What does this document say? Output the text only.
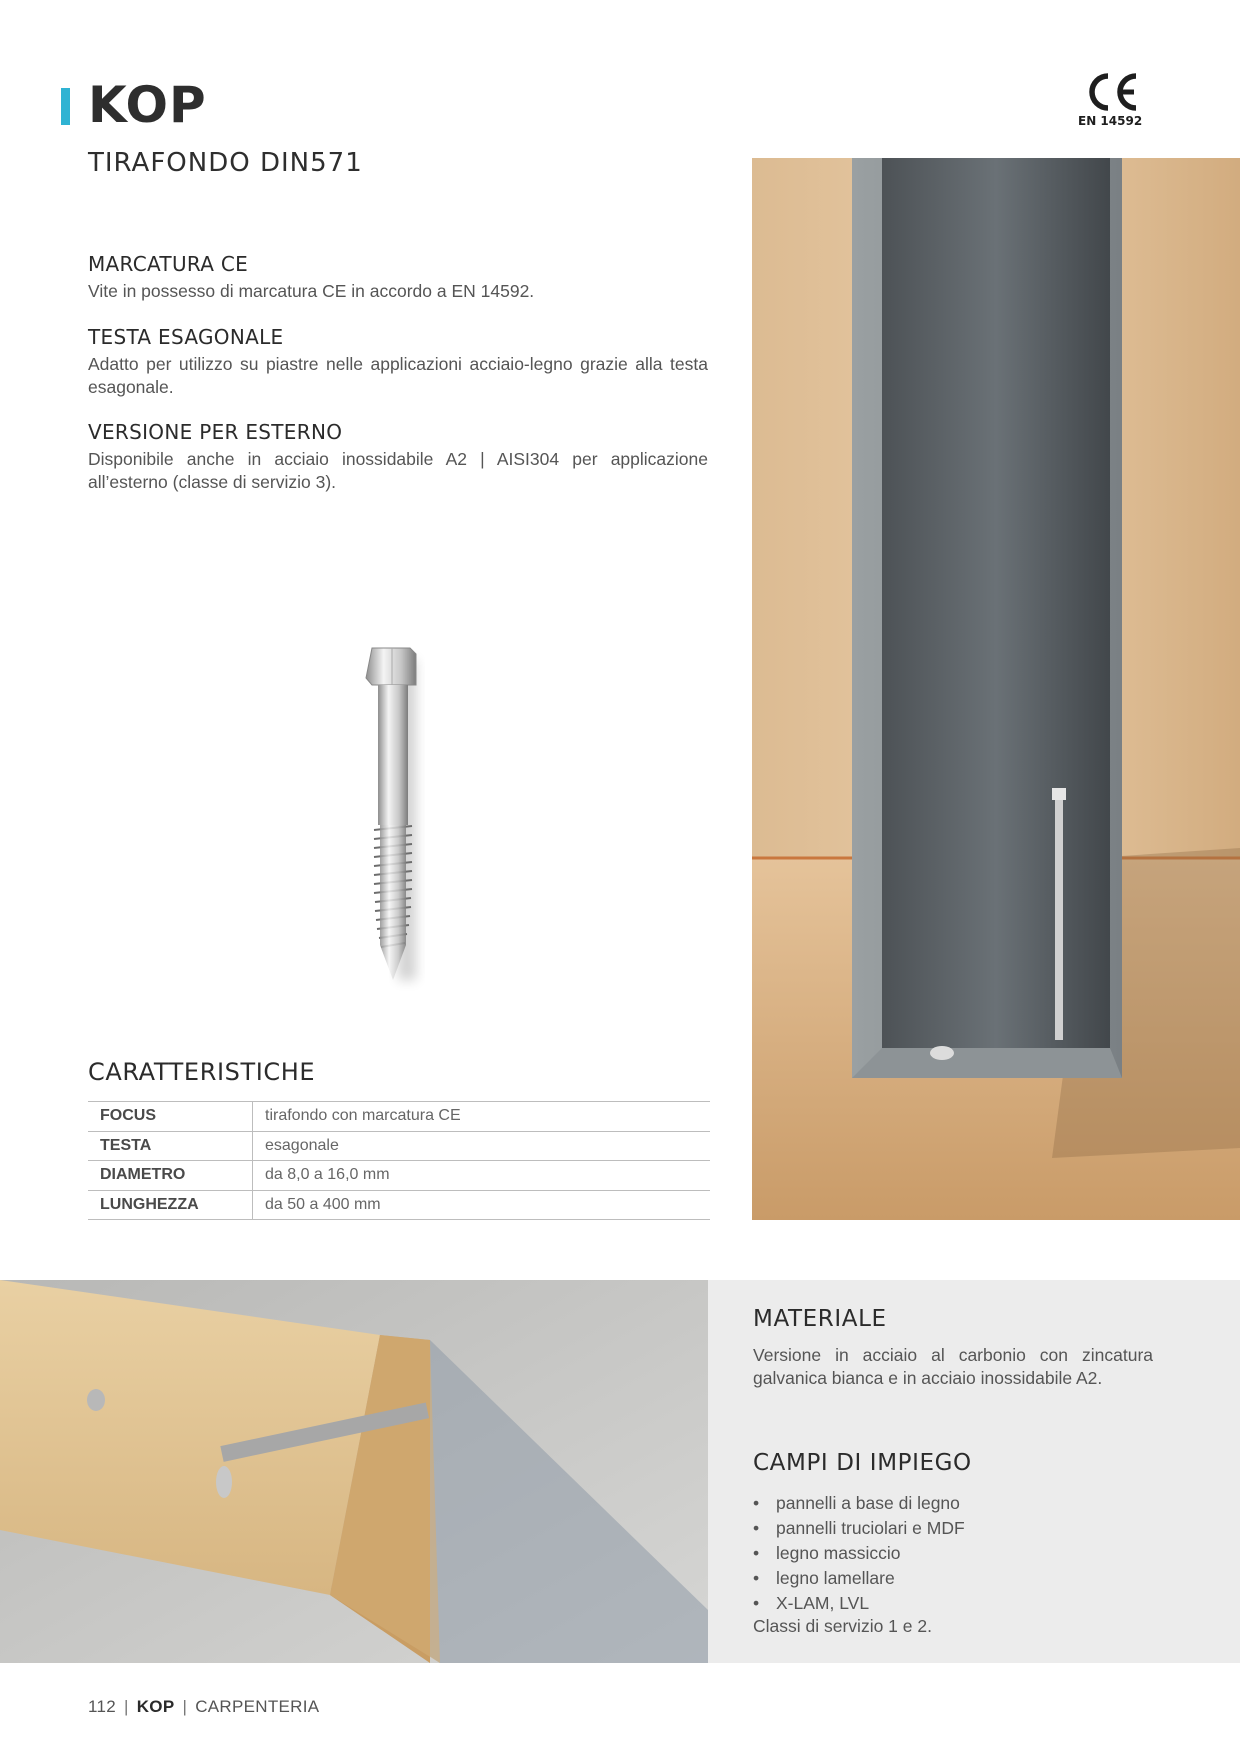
KOP
TIRAFONDO DIN571
EN 14592
MARCATURA CE

Vite in possesso di marcatura CE in accordo a EN 14592.

TESTA ESAGONALE

Adatto per utilizzo su piastre nelle applicazioni acciaio-legno grazie alla testa esagonale.

VERSIONE PER ESTERNO

Disponibile anche in acciaio inossidabile A2 | AISI304 per applicazione all’esterno (classe di servizio 3).

CARATTERISTICHE
FOCUS	tirafondo con marcatura CE
TESTA	esagonale
DIAMETRO	da 8,0 a 16,0 mm
LUNGHEZZA	da 50 a 400 mm
MATERIALE

Versione in acciaio al carbonio con zincatura galvanica bianca e in acciaio inossidabile A2.

CAMPI DI IMPIEGO
• pannelli a base di legno
• pannelli truciolari e MDF
• legno massiccio
• legno lamellare
• X-LAM, LVL
Classi di servizio 1 e 2.
112 | KOP | CARPENTERIA
